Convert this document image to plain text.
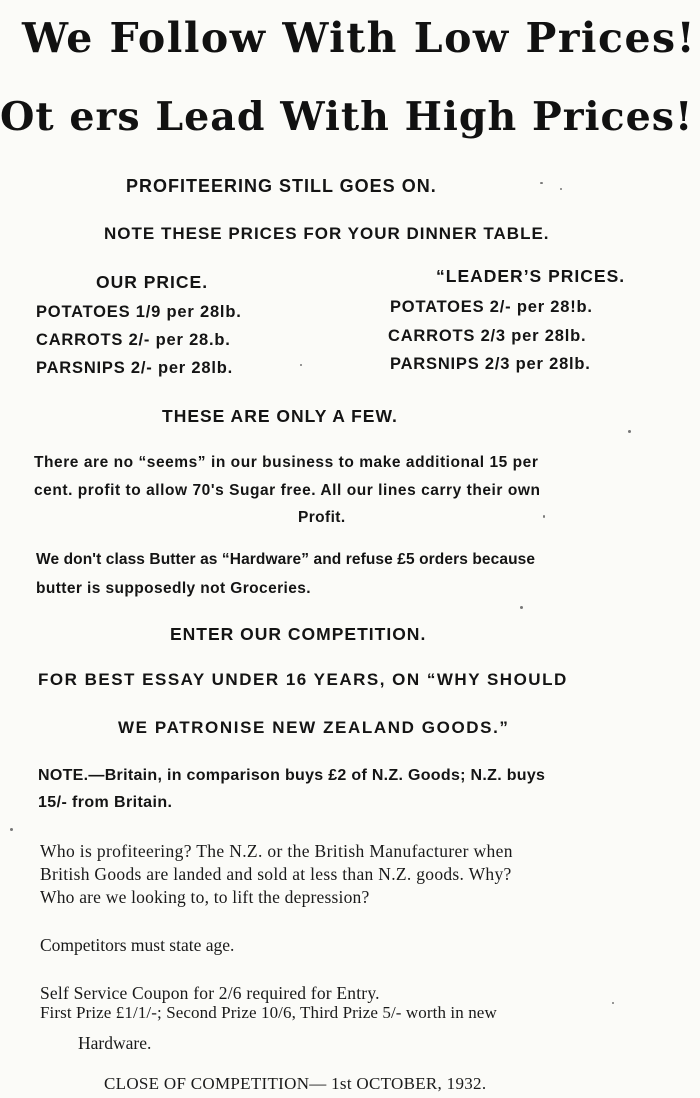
We Follow With Low Prices!
Ot ers Lead With High Prices!
PROFITEERING STILL GOES ON.
NOTE THESE PRICES FOR YOUR DINNER TABLE.
OUR PRICE.
POTATOES 1/9 per 28lb.
CARROTS 2/- per 28.b.
PARSNIPS 2/- per 28lb.
“LEADER’S PRICES.
POTATOES 2/- per 28!b.
CARROTS 2/3 per 28lb.
PARSNIPS 2/3 per 28lb.
THESE ARE ONLY A FEW.
There are no “seems” in our business to make additional 15 per
cent. profit to allow 70's Sugar free. All our lines carry their own
Profit.
We don't class Butter as “Hardware” and refuse £5 orders because
butter is supposedly not Groceries.
ENTER OUR COMPETITION.
FOR BEST ESSAY UNDER 16 YEARS, ON “WHY SHOULD
WE PATRONISE NEW ZEALAND GOODS.”
NOTE.—Britain, in comparison buys £2 of N.Z. Goods; N.Z. buys
15/- from Britain.
Who is profiteering? The N.Z. or the British Manufacturer when
British Goods are landed and sold at less than N.Z. goods. Why?
Who are we looking to, to lift the depression?
Competitors must state age.
Self Service Coupon for 2/6 required for Entry.
First Prize £1/1/-; Second Prize 10/6, Third Prize 5/- worth in new
Hardware.
CLOSE OF COMPETITION— 1st OCTOBER, 1932.
